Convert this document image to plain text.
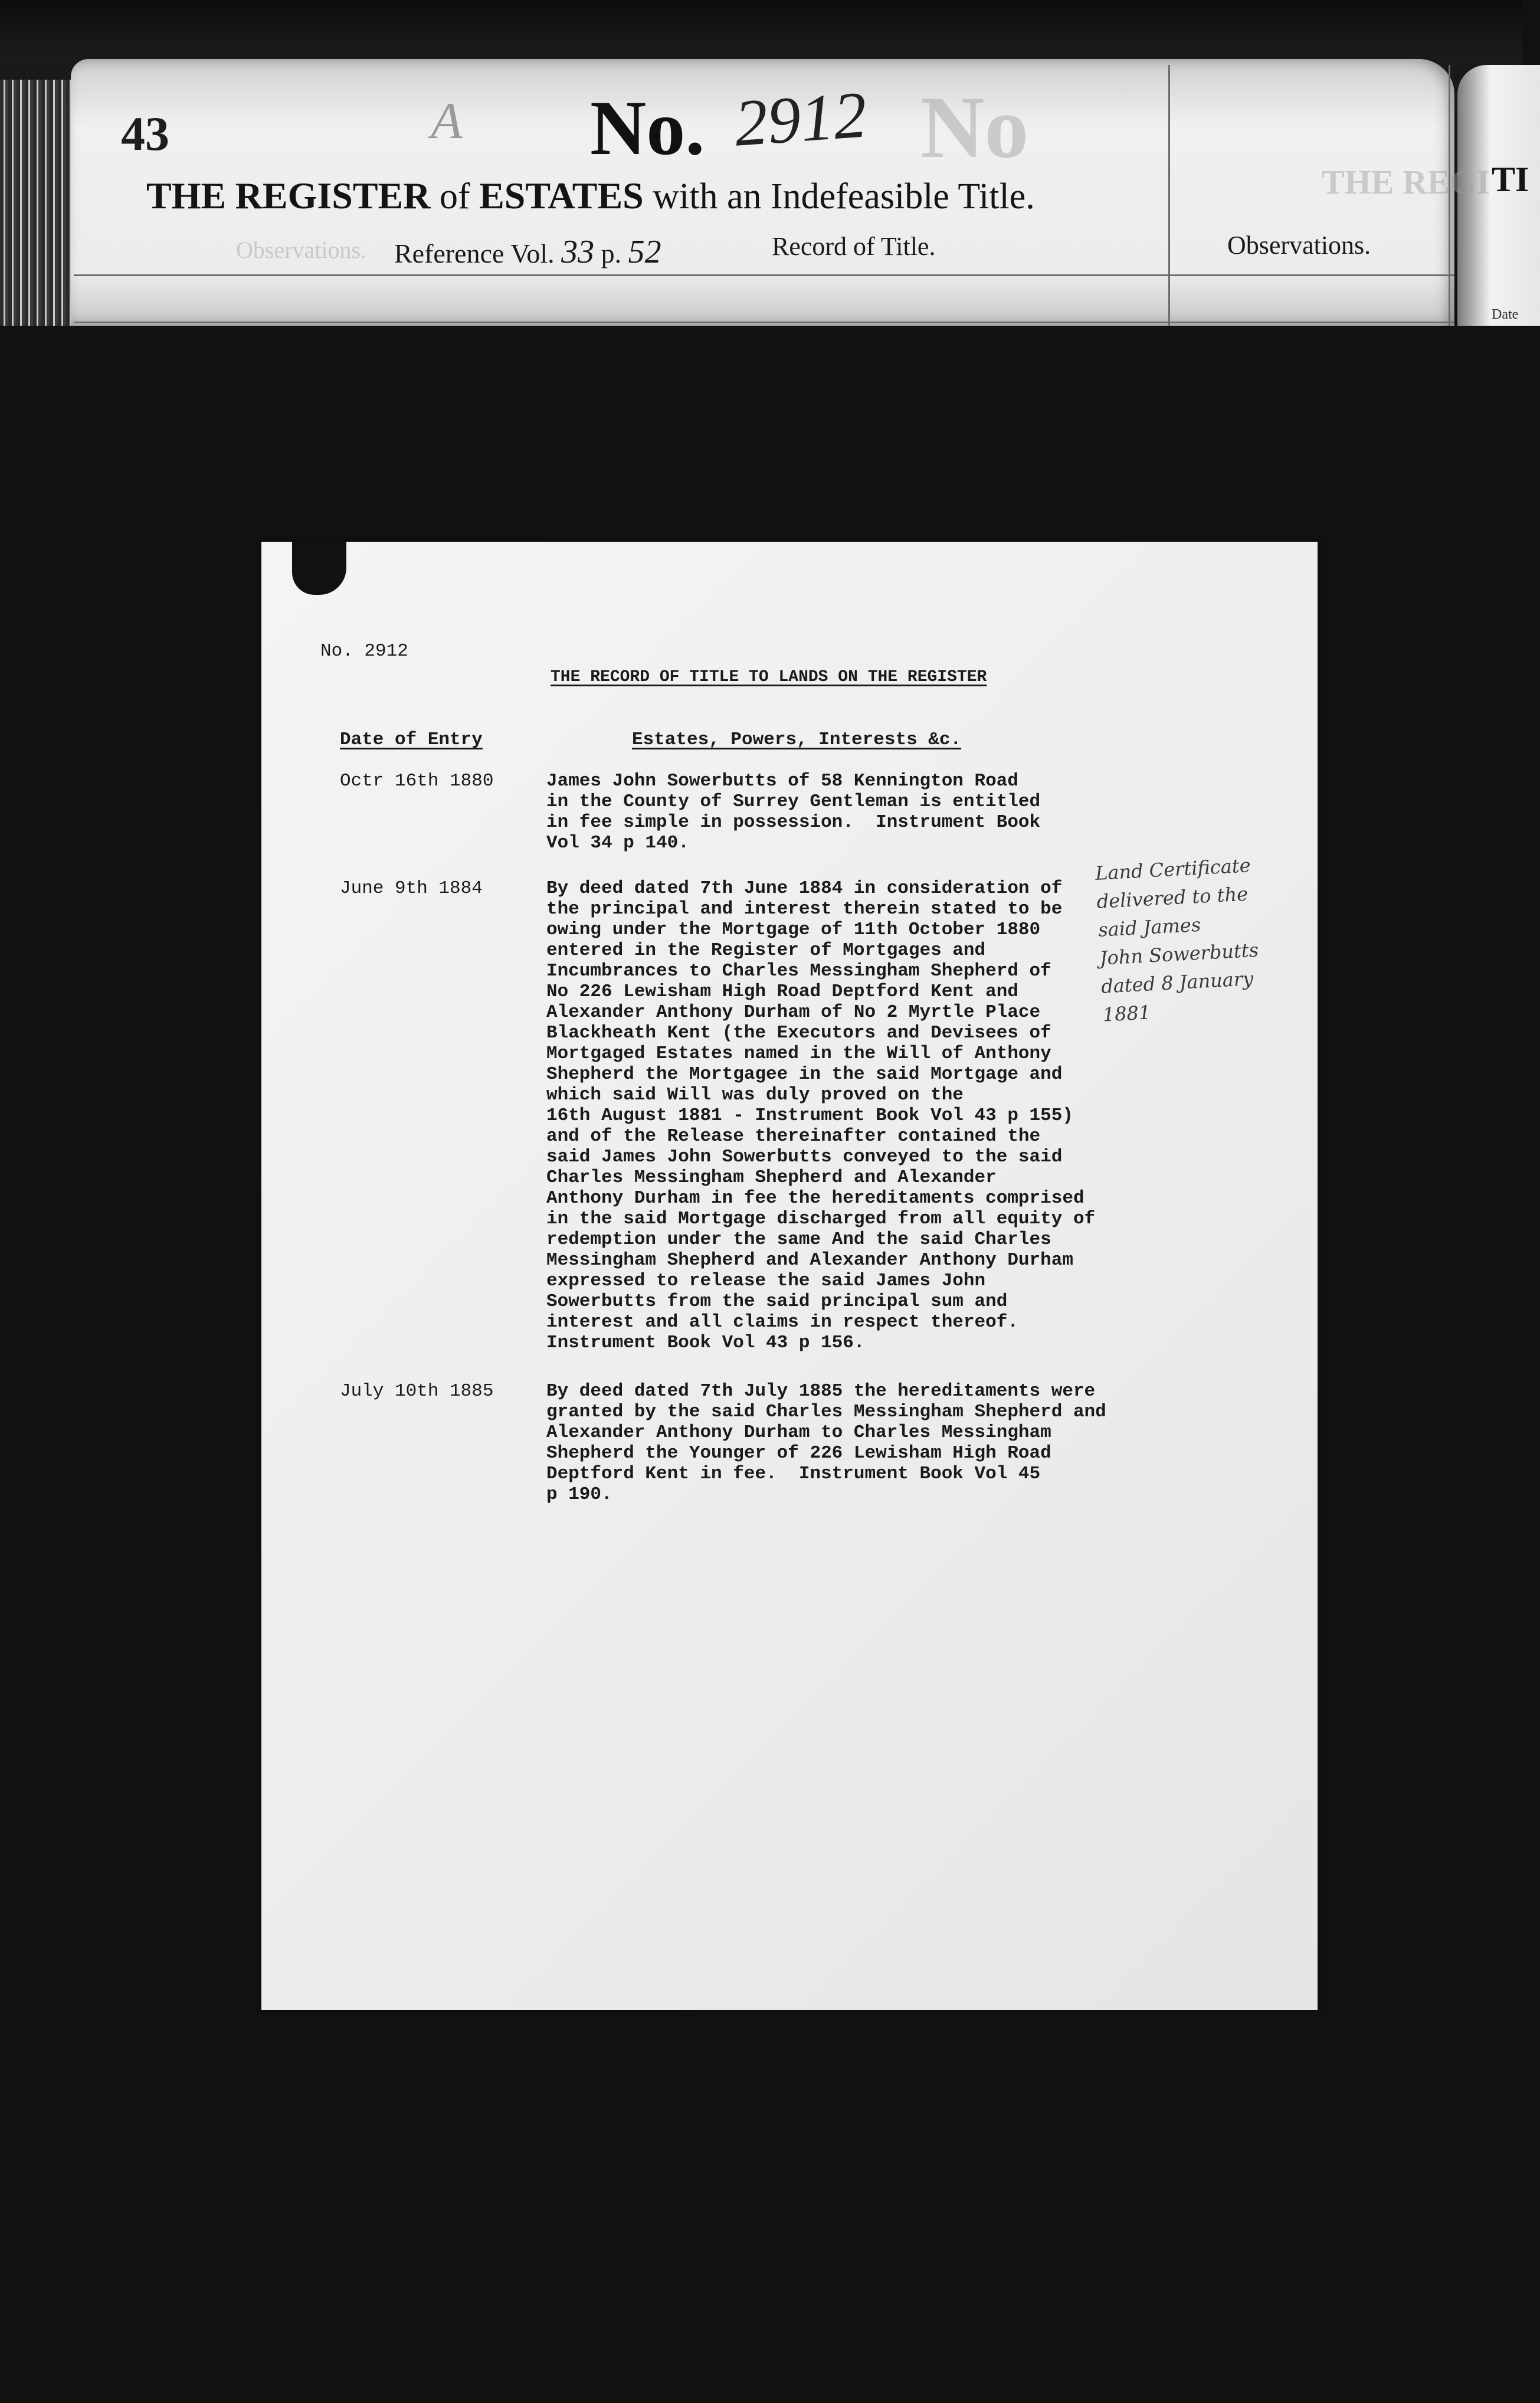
No
THE REGI
Observations.
43	A No. 2912
THE REGISTER of ESTATES with an Indefeasible Title.
Reference Vol. 33 p. 52	Record of Title.	Observations.
TI
Date
No. 2912
THE RECORD OF TITLE TO LANDS ON THE REGISTER
Date of Entry	Estates, Powers, Interests &c.
Octr 16th 1880	James John Sowerbutts of 58 Kennington Road
in the County of Surrey Gentleman is entitled
in fee simple in possession.  Instrument Book
Vol 34 p 140.
June 9th 1884	By deed dated 7th June 1884 in consideration of
the principal and interest therein stated to be
owing under the Mortgage of 11th October 1880
entered in the Register of Mortgages and
Incumbrances to Charles Messingham Shepherd of
No 226 Lewisham High Road Deptford Kent and
Alexander Anthony Durham of No 2 Myrtle Place
Blackheath Kent (the Executors and Devisees of
Mortgaged Estates named in the Will of Anthony
Shepherd the Mortgagee in the said Mortgage and
which said Will was duly proved on the
16th August 1881 - Instrument Book Vol 43 p 155)
and of the Release thereinafter contained the
said James John Sowerbutts conveyed to the said
Charles Messingham Shepherd and Alexander
Anthony Durham in fee the hereditaments comprised
in the said Mortgage discharged from all equity of
redemption under the same And the said Charles
Messingham Shepherd and Alexander Anthony Durham
expressed to release the said James John
Sowerbutts from the said principal sum and
interest and all claims in respect thereof.
Instrument Book Vol 43 p 156.
July 10th 1885	By deed dated 7th July 1885 the hereditaments were
granted by the said Charles Messingham Shepherd and
Alexander Anthony Durham to Charles Messingham
Shepherd the Younger of 226 Lewisham High Road
Deptford Kent in fee.  Instrument Book Vol 45
p 190.
Land Certificate
delivered to the
said James
John Sowerbutts
dated 8 January
1881
